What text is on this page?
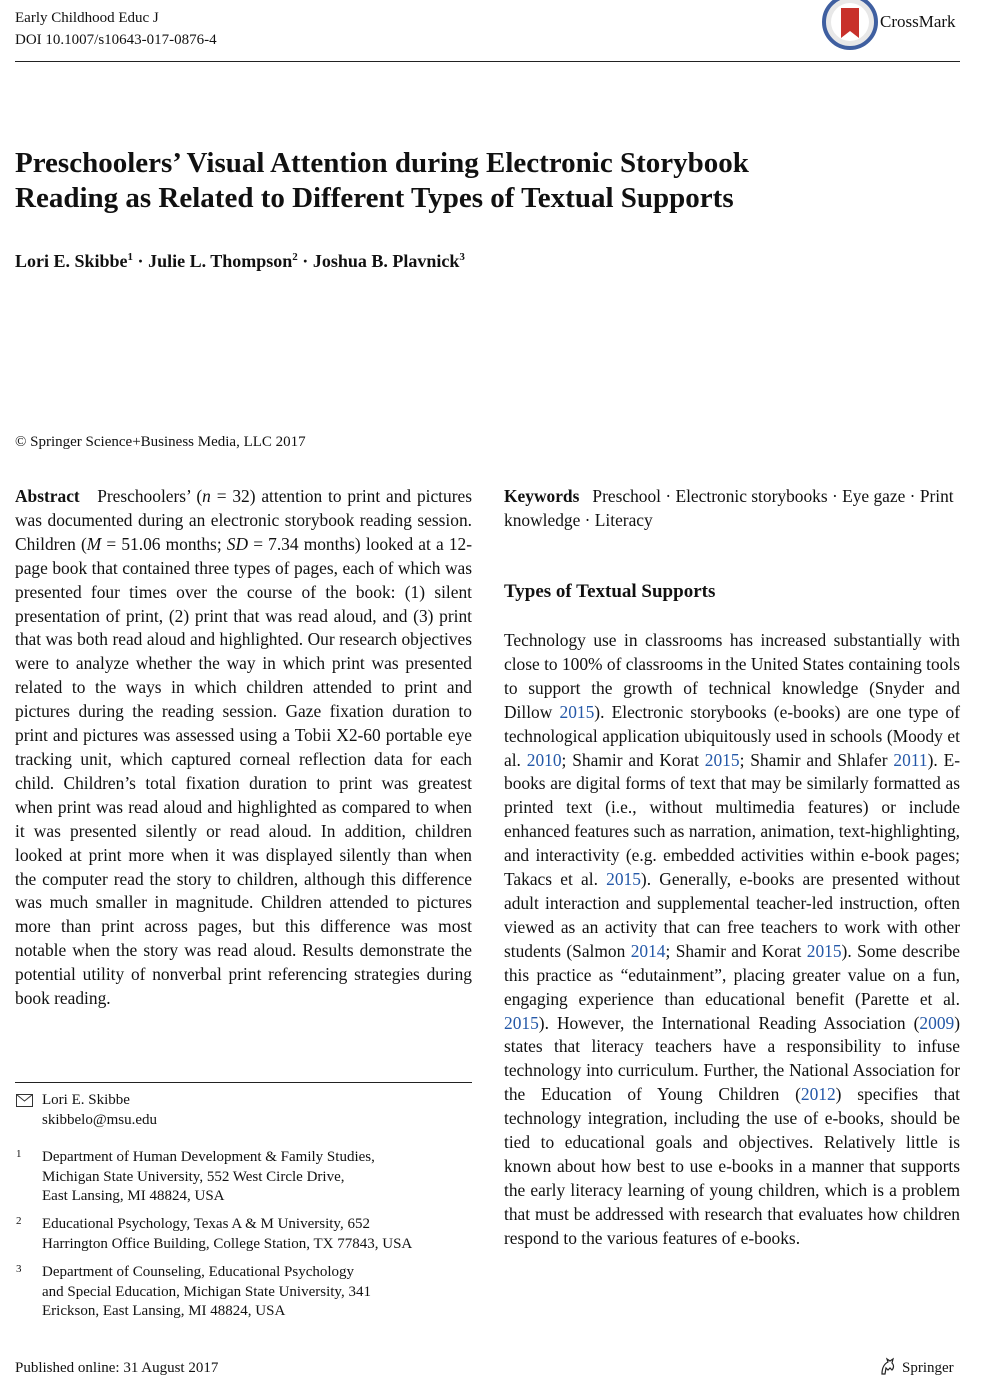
Early Childhood Educ J
DOI 10.1007/s10643-017-0876-4
CrossMark
Preschoolers’ Visual Attention during Electronic Storybook Reading as Related to Different Types of Textual Supports
Lori E. Skibbe$^1$ · Julie L. Thompson$^2$ · Joshua B. Plavnick$^3$
© Springer Science+Business Media, LLC 2017

Abstract Preschoolers’ (n = 32) attention to print and pictures was documented during an electronic storybook reading session. Children (M = 51.06 months; SD = 7.34 months) looked at a 12-page book that contained three types of pages, each of which was presented four times over the course of the book: (1) silent presentation of print, (2) print that was read aloud, and (3) print that was both read aloud and highlighted. Our research objectives were to analyze whether the way in which print was presented related to the ways in which children attended to print and pictures during the reading session. Gaze fixation duration to print and pictures was assessed using a Tobii X2-60 portable eye tracking unit, which captured corneal reflection data for each child. Children’s total fixation duration to print was greatest when print was read aloud and highlighted as compared to when it was presented silently or read aloud. In addition, children looked at print more when it was displayed silently than when the computer read the story to children, although this difference was much smaller in magnitude. Children attended to pictures more than print across pages, but this difference was most notable when the story was read aloud. Results demonstrate the potential utility of nonverbal print referencing strategies during book reading.

Keywords Preschool · Electronic storybooks · Eye gaze · Print knowledge · Literacy

Types of Textual Supports

Technology use in classrooms has increased substantially with close to 100% of classrooms in the United States containing tools to support the growth of technical knowledge (Snyder and Dillow 2015). Electronic storybooks (e-books) are one type of technological application ubiquitously used in schools (Moody et al. 2010; Shamir and Korat 2015; Shamir and Shlafer 2011). E-books are digital forms of text that may be similarly formatted as printed text (i.e., without multimedia features) or include enhanced features such as narration, animation, text-highlighting, and interactivity (e.g. embedded activities within e-book pages; Takacs et al. 2015). Generally, e-books are presented without adult interaction and supplemental teacher-led instruction, often viewed as an activity that can free teachers to work with other students (Salmon 2014; Shamir and Korat 2015). Some describe this practice as “edutainment”, placing greater value on a fun, engaging experience than educational benefit (Parette et al. 2015). However, the International Reading Association (2009) states that literacy teachers have a responsibility to infuse technology into curriculum. Further, the National Association for the Education of Young Children (2012) specifies that technology integration, including the use of e-books, should be tied to educational goals and objectives. Relatively little is known about how best to use e-books in a manner that supports the early literacy learning of young children, which is a problem that must be addressed with research that evaluates how children respond to the various features of e-books.

Lori E. Skibbe
skibbelo@msu.edu
1 Department of Human Development & Family Studies,
Michigan State University, 552 West Circle Drive,
East Lansing, MI 48824, USA
2 Educational Psychology, Texas A & M University, 652
Harrington Office Building, College Station, TX 77843, USA
3 Department of Counseling, Educational Psychology
and Special Education, Michigan State University, 341
Erickson, East Lansing, MI 48824, USA
Published online: 31 August 2017	Springer
